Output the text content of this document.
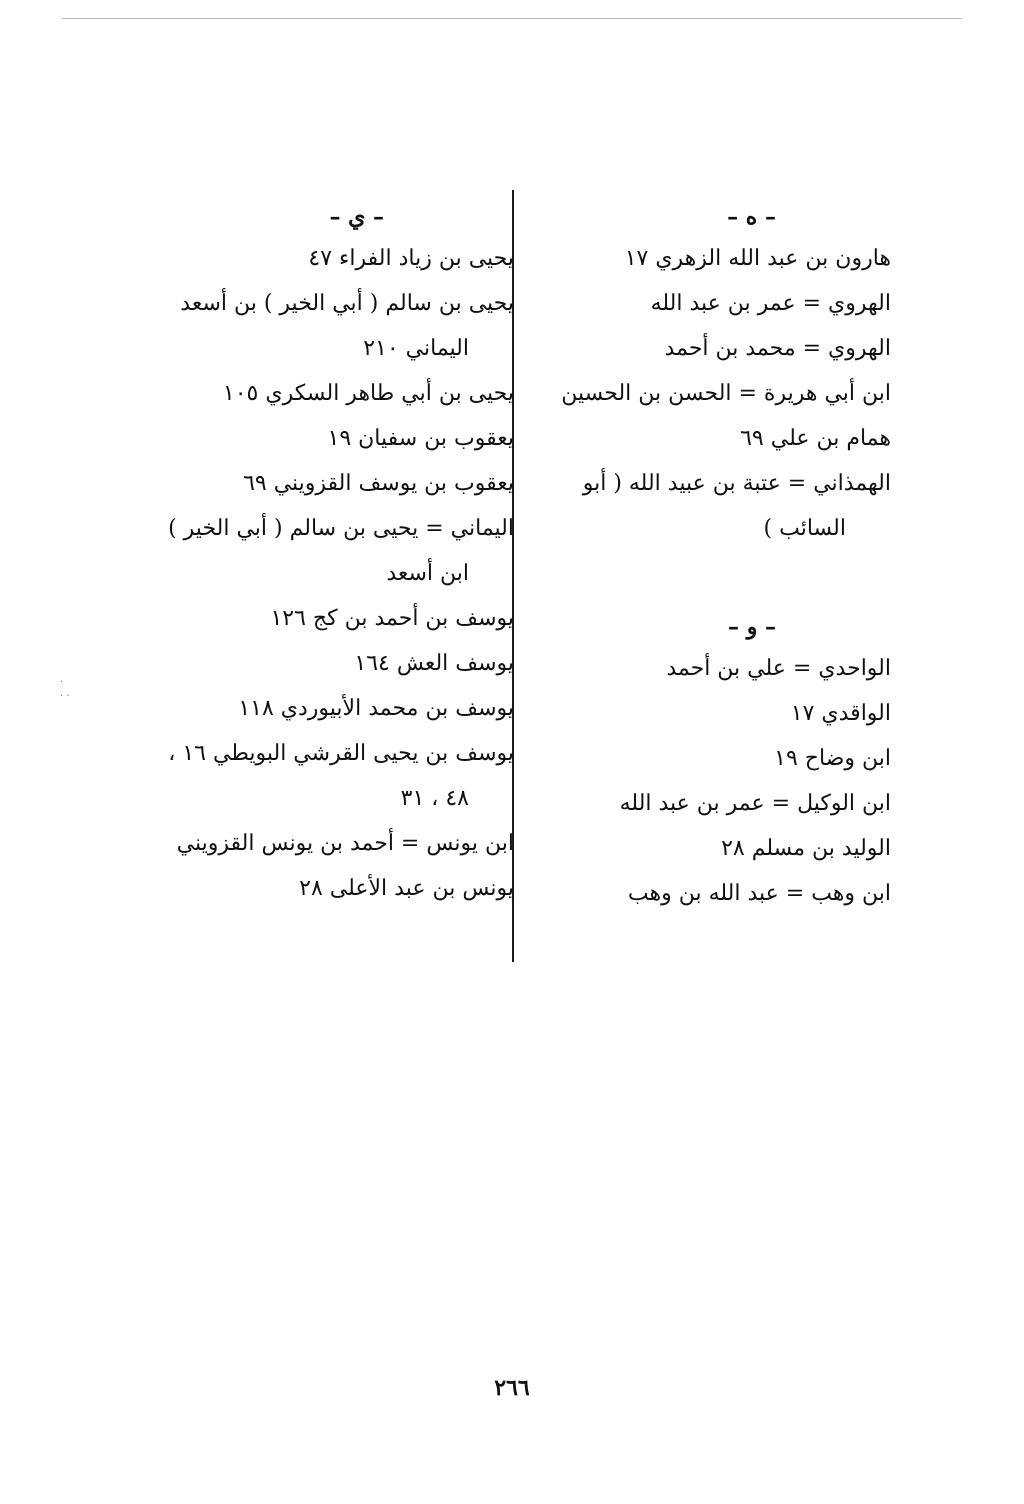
– ه –

هارون بن عبد الله الزهري ١٧

الهروي = عمر بن عبد الله

الهروي = محمد بن أحمد

ابن أبي هريرة = الحسن بن الحسين

همام بن علي ٦٩

الهمذاني = عتبة بن عبيد الله ( أبو

السائب )

– و –

الواحدي = علي بن أحمد

الواقدي ١٧

ابن وضاح ١٩

ابن الوكيل = عمر بن عبد الله

الوليد بن مسلم ٢٨

ابن وهب = عبد الله بن وهب

– ي –

يحيى بن زياد الفراء ٤٧

يحيى بن سالم ( أبي الخير ) بن أسعد

اليماني ٢١٠

يحيى بن أبي طاهر السكري ١٠٥

يعقوب بن سفيان ١٩

يعقوب بن يوسف القزويني ٦٩

اليماني = يحيى بن سالم ( أبي الخير )

ابن أسعد

يوسف بن أحمد بن كج ١٢٦

يوسف العش ١٦٤

يوسف بن محمد الأبيوردي ١١٨

يوسف بن يحيى القرشي البويطي ١٦ ،

٤٨ ، ٣١

ابن يونس = أحمد بن يونس القزويني

يونس بن عبد الأعلى ٢٨

·
· ·
٢٦٦
